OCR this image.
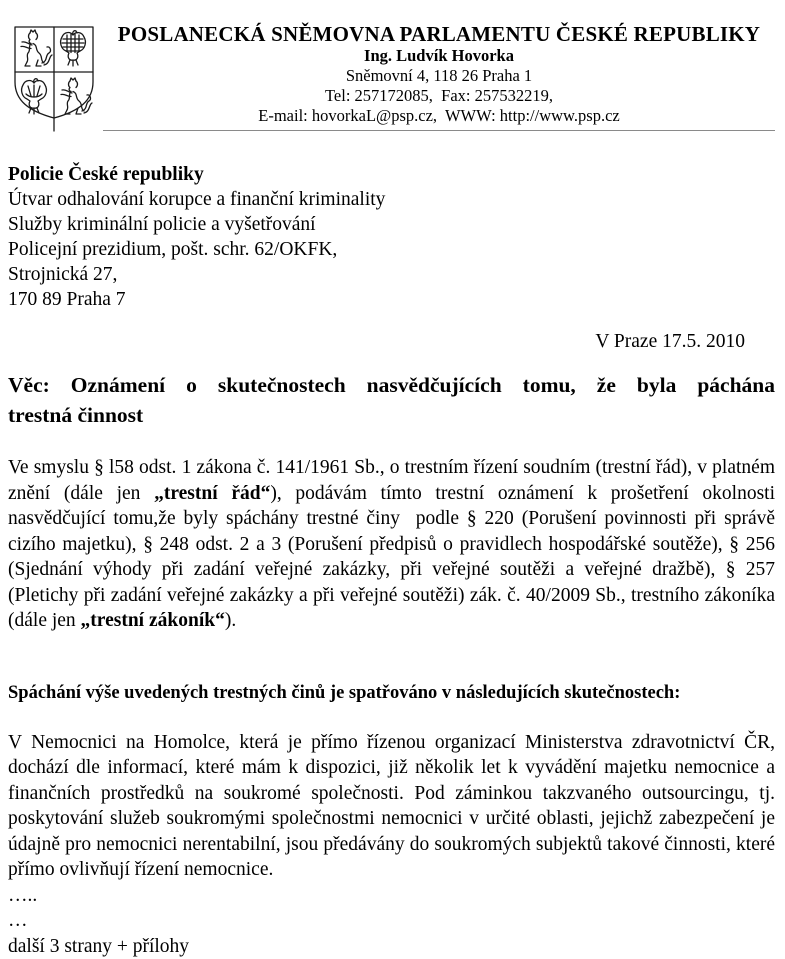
POSLANECKÁ SNĚMOVNA PARLAMENTU ČESKÉ REPUBLIKY
Ing. Ludvík Hovorka
Sněmovní 4, 118 26 Praha 1
Tel: 257172085,  Fax: 257532219,
E-mail: hovorkaL@psp.cz,  WWW: http://www.psp.cz
Policie České republiky
Útvar odhalování korupce a finanční kriminality
Služby kriminální policie a vyšetřování
Policejní prezidium, pošt. schr. 62/OKFK,
Strojnická 27,
170 89 Praha 7
V Praze 17.5. 2010
Věc: Oznámení o skutečnostech nasvědčujících tomu, že byla páchána
trestná činnost

Ve smyslu § l58 odst. 1 zákona č. 141/1961 Sb., o trestním řízení soudním (trestní řád), v platném znění (dále jen „trestní řád“), podávám tímto trestní oznámení k prošetření okolnosti nasvědčující tomu,že byly spáchány trestné činy  podle § 220 (Porušení povinnosti při správě cizího majetku), § 248 odst. 2 a 3 (Porušení předpisů o pravidlech hospodářské soutěže), § 256 (Sjednání výhody při zadání veřejné zakázky, při veřejné soutěži a veřejné dražbě), § 257 (Pletichy při zadání veřejné zakázky a při veřejné soutěži) zák. č. 40/2009 Sb., trestního zákoníka (dále jen „trestní zákoník“).

Spáchání výše uvedených trestných činů je spatřováno v následujících skutečnostech:

V Nemocnici na Homolce, která je přímo řízenou organizací Ministerstva zdravotnictví ČR, dochází dle informací, které mám k dispozici, již několik let k vyvádění majetku nemocnice a finančních prostředků na soukromé společnosti. Pod záminkou takzvaného outsourcingu, tj. poskytování služeb soukromými společnostmi nemocnici v určité oblasti, jejichž zabezpečení je údajně pro nemocnici nerentabilní, jsou předávány do soukromých subjektů takové činnosti, které přímo ovlivňují řízení nemocnice.

…..
…
další 3 strany + přílohy
